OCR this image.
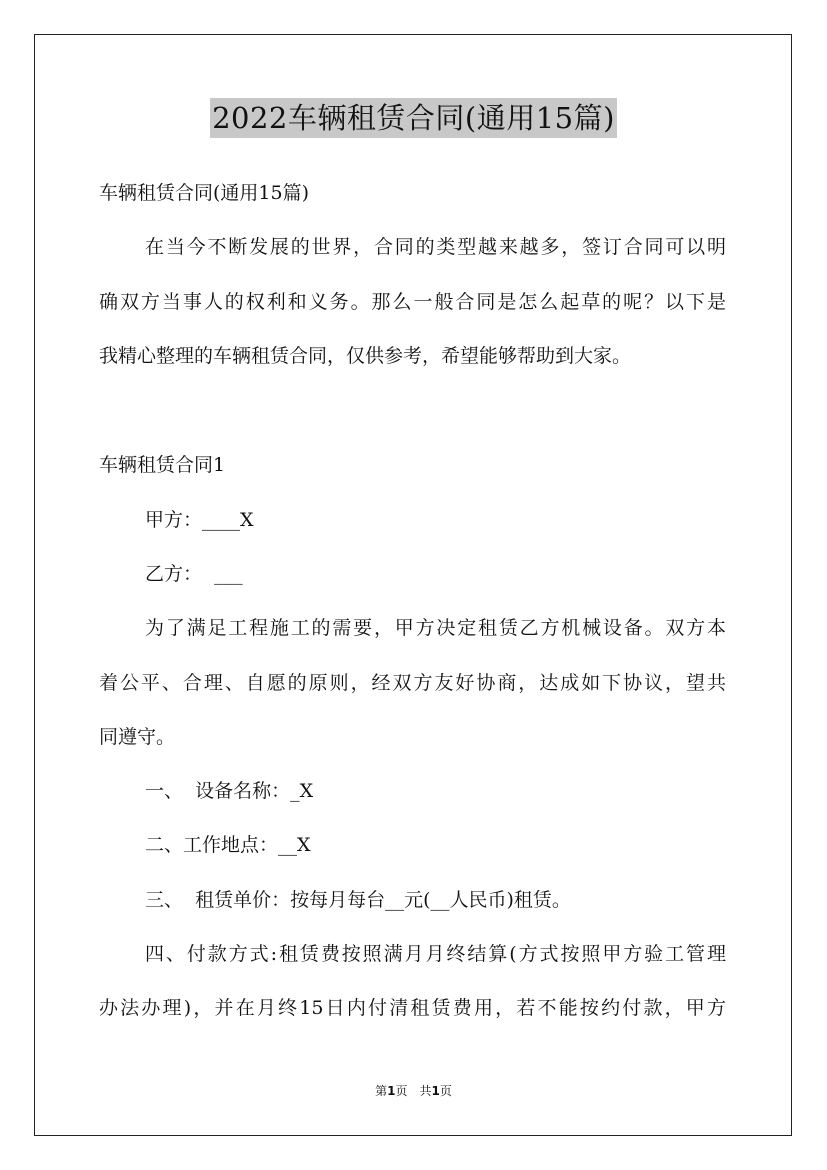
2022车辆租赁合同(通用15篇)
车辆租赁合同(通用15篇)
在当今不断发展的世界，合同的类型越来越多，签订合同可以明
确双方当事人的权利和义务。那么一般合同是怎么起草的呢？以下是
我精心整理的车辆租赁合同，仅供参考，希望能够帮助到大家。
车辆租赁合同1
甲方：____X
乙方：  ___
为了满足工程施工的需要，甲方决定租赁乙方机械设备。双方本
着公平、合理、自愿的原则，经双方友好协商，达成如下协议，望共
同遵守。
一、  设备名称：_X
二、工作地点：__X
三、  租赁单价：按每月每台__元(__人民币)租赁。
四、付款方式:租赁费按照满月月终结算(方式按照甲方验工管理
办法办理)，并在月终15日内付清租赁费用，若不能按约付款，甲方
第1页 共1页
